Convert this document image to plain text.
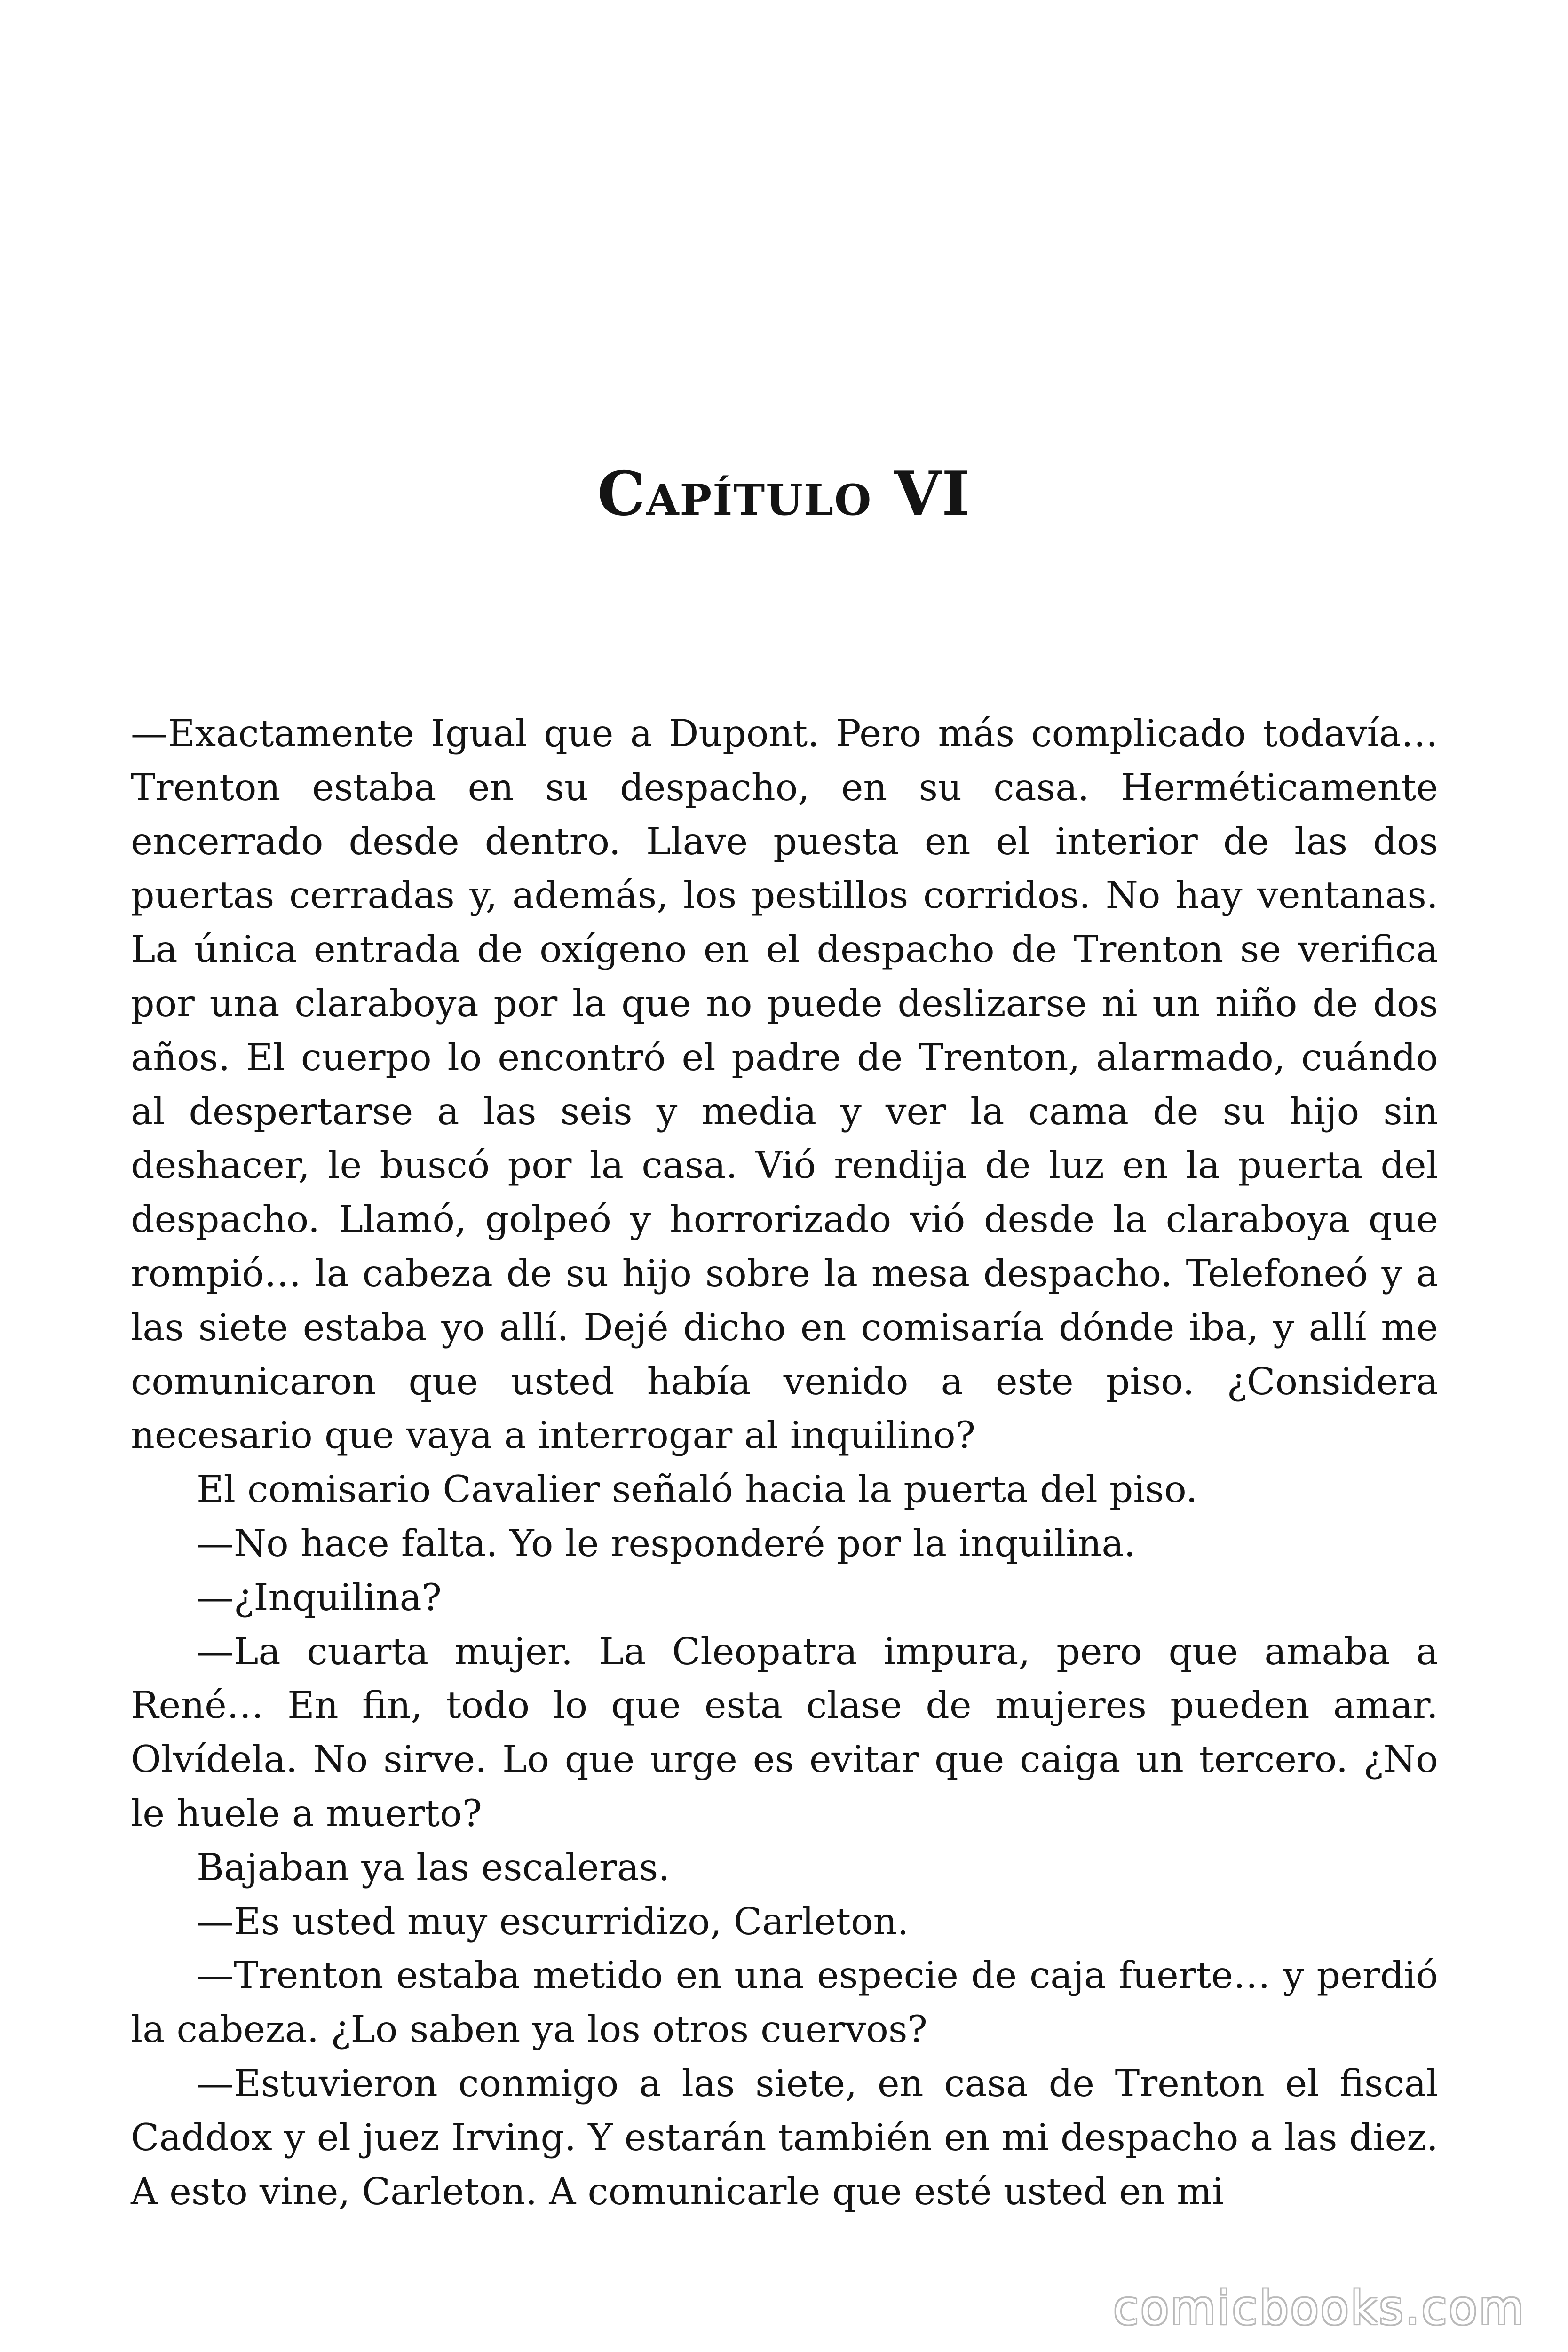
Capítulo VI

—Exactamente Igual que a Dupont. Pero más complicado todavía… Trenton estaba en su despacho, en su casa. Herméticamente encerrado desde dentro. Llave puesta en el interior de las dos puertas cerradas y, además, los pestillos corridos. No hay ventanas. La única entrada de oxígeno en el despacho de Trenton se verifica por una claraboya por la que no puede deslizarse ni un niño de dos años. El cuerpo lo encontró el padre de Trenton, alarmado, cuándo al despertarse a las seis y media y ver la cama de su hijo sin deshacer, le buscó por la casa. Vió rendija de luz en la puerta del despacho. Llamó, golpeó y horrorizado vió desde la claraboya que rompió… la cabeza de su hijo sobre la mesa despacho. Telefoneó y a las siete estaba yo allí. Dejé dicho en comisaría dónde iba, y allí me comunicaron que usted había venido a este piso. ¿Considera necesario que vaya a interrogar al inquilino?

El comisario Cavalier señaló hacia la puerta del piso.

—No hace falta. Yo le responderé por la inquilina.

—¿Inquilina?

—La cuarta mujer. La Cleopatra impura, pero que amaba a René… En fin, todo lo que esta clase de mujeres pueden amar. Olvídela. No sirve. Lo que urge es evitar que caiga un tercero. ¿No le huele a muerto?

Bajaban ya las escaleras.

—Es usted muy escurridizo, Carleton.

—Trenton estaba metido en una especie de caja fuerte… y perdió la cabeza. ¿Lo saben ya los otros cuervos?

—Estuvieron conmigo a las siete, en casa de Trenton el fiscal Caddox y el juez Irving. Y estarán también en mi despacho a las diez. A esto vine, Carleton. A comunicarle que esté usted en mi

comicbooks.com
